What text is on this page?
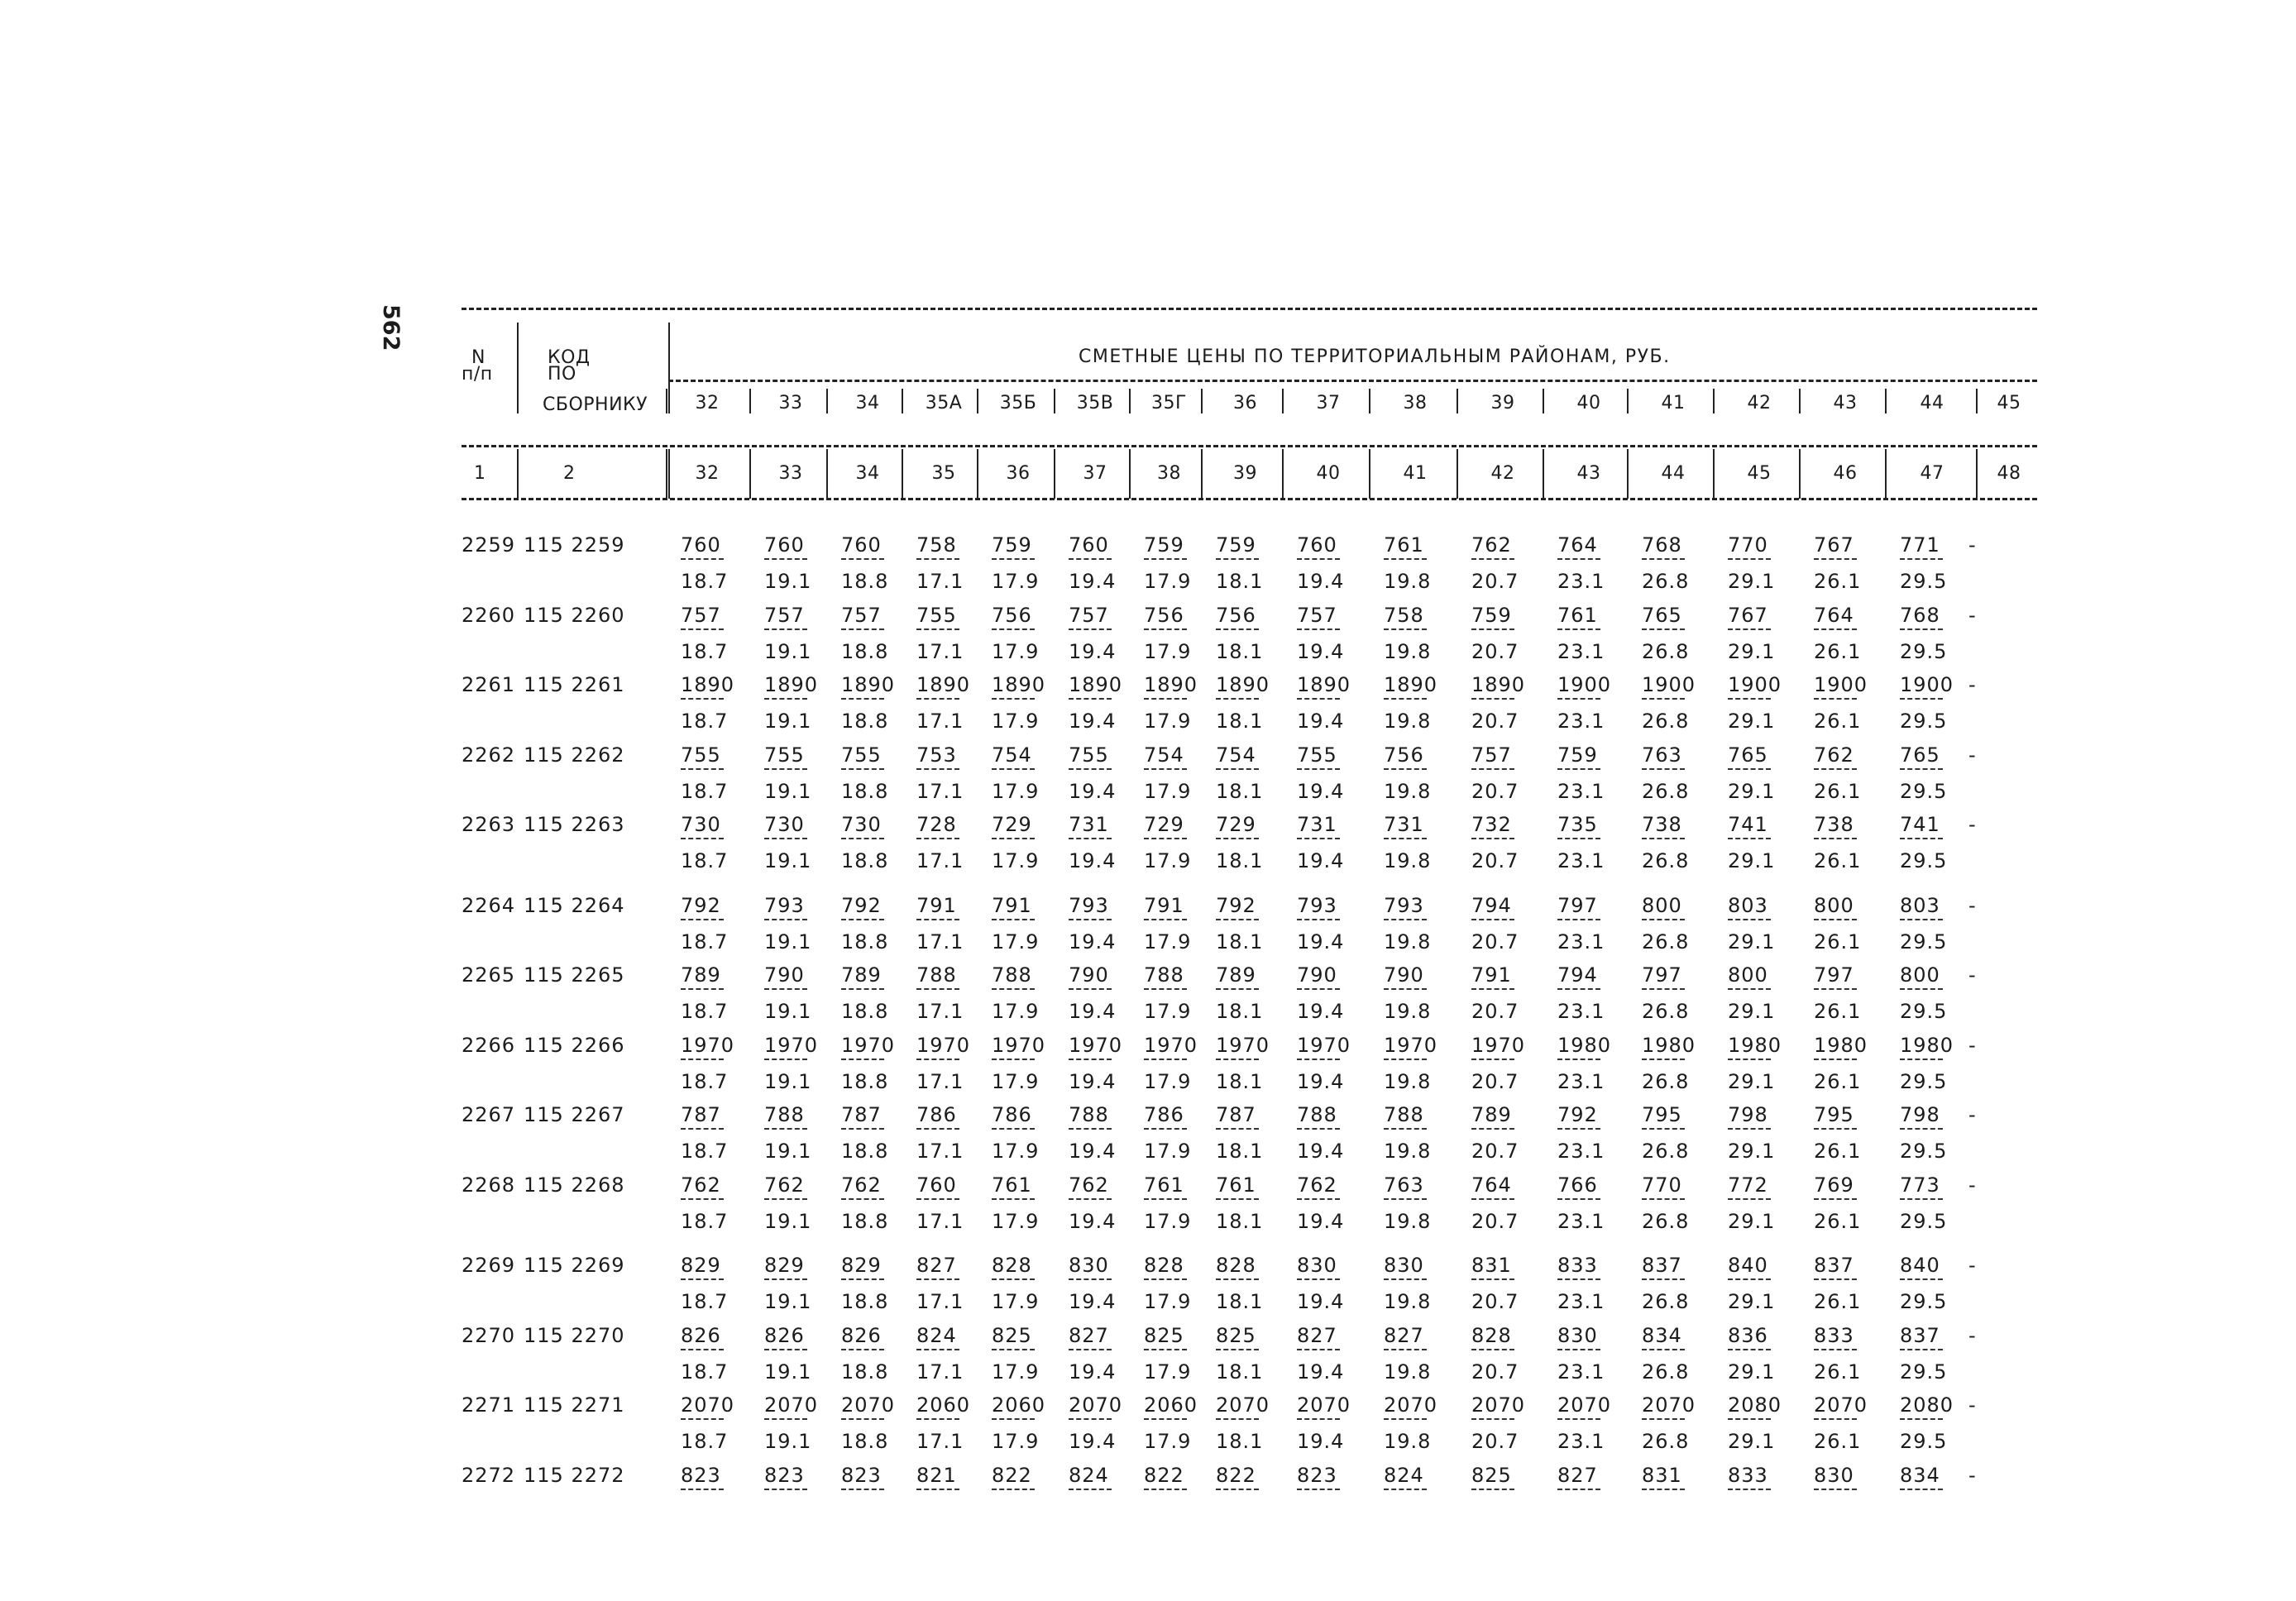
562
N
п/п
КОД
ПО
СБОРНИКУ
СМЕТНЫЕ ЦЕНЫ ПО ТЕРРИТОРИАЛЬНЫМ РАЙОНАМ, РУБ.
32	33	34	35А	35Б	35В	35Г	36	37	38	39	40	41	42	43	44	45
1	2	32	33	34	35	36	37	38	39	40	41	42	43	44	45	46	47	48
2259 115 2259	760 760 760 758 759 760 759 759 760 761 762 764 768 770 767 771 -
18.7 19.1 18.8 17.1 17.9 19.4 17.9 18.1 19.4 19.8 20.7 23.1 26.8 29.1 26.1 29.5
2260 115 2260	757 757 757 755 756 757 756 756 757 758 759 761 765 767 764 768 -
18.7 19.1 18.8 17.1 17.9 19.4 17.9 18.1 19.4 19.8 20.7 23.1 26.8 29.1 26.1 29.5
2261 115 2261	1890 1890 1890 1890 1890 1890 1890 1890 1890 1890 1890 1900 1900 1900 1900 1900 -
18.7 19.1 18.8 17.1 17.9 19.4 17.9 18.1 19.4 19.8 20.7 23.1 26.8 29.1 26.1 29.5
2262 115 2262	755 755 755 753 754 755 754 754 755 756 757 759 763 765 762 765 -
18.7 19.1 18.8 17.1 17.9 19.4 17.9 18.1 19.4 19.8 20.7 23.1 26.8 29.1 26.1 29.5
2263 115 2263	730 730 730 728 729 731 729 729 731 731 732 735 738 741 738 741 -
18.7 19.1 18.8 17.1 17.9 19.4 17.9 18.1 19.4 19.8 20.7 23.1 26.8 29.1 26.1 29.5
2264 115 2264	792 793 792 791 791 793 791 792 793 793 794 797 800 803 800 803 -
18.7 19.1 18.8 17.1 17.9 19.4 17.9 18.1 19.4 19.8 20.7 23.1 26.8 29.1 26.1 29.5
2265 115 2265	789 790 789 788 788 790 788 789 790 790 791 794 797 800 797 800 -
18.7 19.1 18.8 17.1 17.9 19.4 17.9 18.1 19.4 19.8 20.7 23.1 26.8 29.1 26.1 29.5
2266 115 2266	1970 1970 1970 1970 1970 1970 1970 1970 1970 1970 1970 1980 1980 1980 1980 1980 -
18.7 19.1 18.8 17.1 17.9 19.4 17.9 18.1 19.4 19.8 20.7 23.1 26.8 29.1 26.1 29.5
2267 115 2267	787 788 787 786 786 788 786 787 788 788 789 792 795 798 795 798 -
18.7 19.1 18.8 17.1 17.9 19.4 17.9 18.1 19.4 19.8 20.7 23.1 26.8 29.1 26.1 29.5
2268 115 2268	762 762 762 760 761 762 761 761 762 763 764 766 770 772 769 773 -
18.7 19.1 18.8 17.1 17.9 19.4 17.9 18.1 19.4 19.8 20.7 23.1 26.8 29.1 26.1 29.5
2269 115 2269	829 829 829 827 828 830 828 828 830 830 831 833 837 840 837 840 -
18.7 19.1 18.8 17.1 17.9 19.4 17.9 18.1 19.4 19.8 20.7 23.1 26.8 29.1 26.1 29.5
2270 115 2270	826 826 826 824 825 827 825 825 827 827 828 830 834 836 833 837 -
18.7 19.1 18.8 17.1 17.9 19.4 17.9 18.1 19.4 19.8 20.7 23.1 26.8 29.1 26.1 29.5
2271 115 2271	2070 2070 2070 2060 2060 2070 2060 2070 2070 2070 2070 2070 2070 2080 2070 2080 -
18.7 19.1 18.8 17.1 17.9 19.4 17.9 18.1 19.4 19.8 20.7 23.1 26.8 29.1 26.1 29.5
2272 115 2272	823 823 823 821 822 824 822 822 823 824 825 827 831 833 830 834 -
